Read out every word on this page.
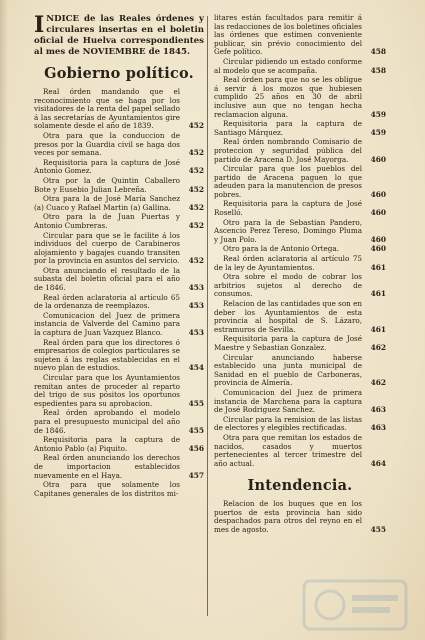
I NDICE de las Reales órdenes y circulares insertas en el boletin oficial de Huelva correspondientes al mes de NOVIEMBRE de 1845.
Gobierno político.
Real órden mandando que el reconocimiento que se haga por los visitadores de la renta del papel sellado á las secretarías de Ayuntamientos gire solamente desde el año de 1839.	452
Otra para que la conduccion de presos por la Guardia civil se haga dos veces por semana.	452
Requisitoria para la captura de José Antonio Gomez.	452
Otra por la de Quintin Caballero Bote y Eusebio Julian Lebreña.	452
Otra para la de José María Sanchez (a) Cuaco y Rafael Martin (a) Gallina. 452
Otro para la de Juan Puertas y Antonio Cumbreras.	452
Circular para que se le facilite á los individuos del cuerpo de Carabineros alojamiento y bagajes cuando transiten por la provincia en asuntos del servicio. 452
Otra anunciando el resultado de la subasta del boletin oficial para el año de 1846.	453
Real órden aclaratoria al artículo 65 de la ordenanza de reemplazos.	453
Comunicacion del Juez de primera instancia de Valverde del Camino para la captura de Juan Vazquez Blanco.	453
Real órden para que los directores ó empresarios de colegios particulares se sujeten á las reglas establecidas en el nuevo plan de estudios.	454
Circular para que los Ayuntamientos remitan antes de proceder al reparto del trigo de sus pósitos los oportunos espedientes para su aprobacion.	455
Real órden aprobando el modelo para el presupuesto municipal del año de 1846.	455
Requisitoria para la captura de Antonio Pablo (a) Piquito.	456
Real órden anunciando los derechos de importacion establecidos nuevamente en el Haya.	457
Otra para que solamente los Capitanes generales de los distritos mi-
litares están facultados para remitir á las redacciones de los boletines oficiales las órdenes que estimen conveniente publicar, sin prévio conocimiento del Gefe político.	458
Circular pidiendo un estado conforme al modelo que se acompaña.	458
Real órden para que no se les obligue á servir á los mozos que hubiesen cumplido 25 años en 30 de abril inclusive aun que no tengan hecha reclamacion alguna.	459
Requisitoria para la captura de Santiago Márquez.	459
Real órden nombrando Comisario de proteccion y seguridad pública del partido de Aracena D. José Mayorga.	460
Circular para que los pueblos del partido de Aracena paguen lo que adeuden para la manutencion de presos pobres.	460
Requisitoria para la captura de José Roselló.	460
Otro para la de Sebastian Pandero, Ascencio Perez Tereso, Domingo Pluma y Juan Polo.	460
Otro para la de Antonio Ortega.	460
Real órden aclaratoria al artículo 75 de la ley de Ayuntamientos.	461
Otra sobre el modo de cobrar los arbitrios sujetos al derecho de consumos.	461
Relacion de las cantidades que son en deber los Ayuntamientos de esta provincia al hospital de S. Lázaro, estramuros de Sevilla.	461
Requisitoria para la captura de José Maestre y Sebastian Gonzalez.	462
Circular anunciando haberse establecido una junta municipal de Sanidad en el pueblo de Carboneras, provincia de Almería.	462
Comunicacion del Juez de primera instancia de Marchena para la captura de José Rodriguez Sanchez.	463
Circular para la remision de las listas de electores y elegibles rectificadas.	463
Otra para que remitan los estados de nacidos, casados y muertos pertenecientes al tercer trimestre del año actual.	464
Intendencia.
Relacion de los buques que en los puertos de esta provincia han sido despachados para otros del reyno en el mes de agosto.	455
